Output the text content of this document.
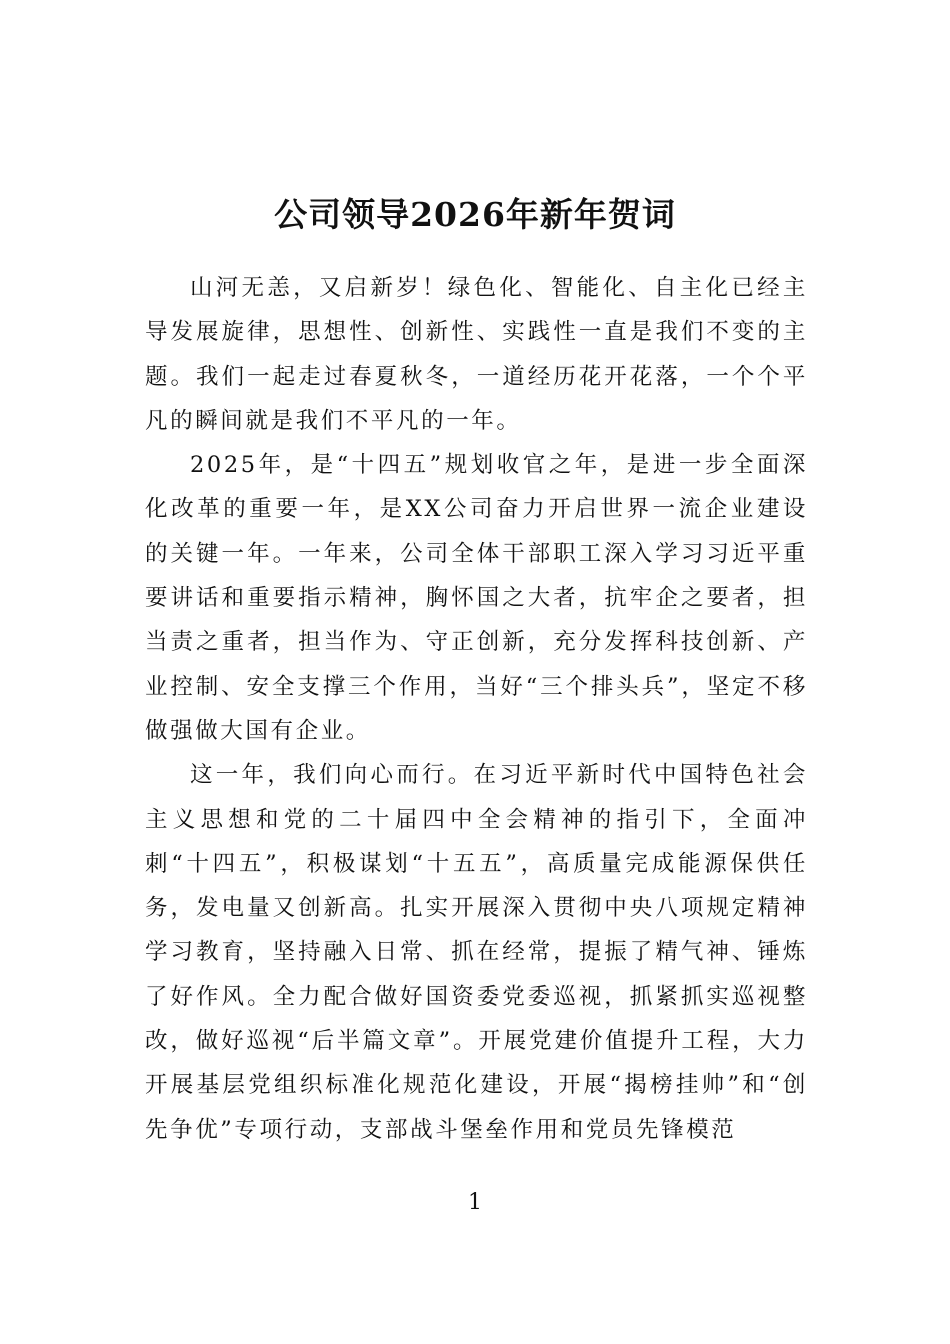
公司领导2026年新年贺词

山河无恙，又启新岁！绿色化、智能化、自主化已经主导发展旋律，思想性、创新性、实践性一直是我们不变的主题。我们一起走过春夏秋冬，一道经历花开花落，一个个平凡的瞬间就是我们不平凡的一年。

2025年，是“十四五”规划收官之年，是进一步全面深化改革的重要一年，是XX公司奋力开启世界一流企业建设的关键一年。一年来，公司全体干部职工深入学习习近平重要讲话和重要指示精神，胸怀国之大者，抗牢企之要者，担当责之重者，担当作为、守正创新，充分发挥科技创新、产业控制、安全支撑三个作用，当好“三个排头兵”，坚定不移做强做大国有企业。

这一年，我们向心而行。在习近平新时代中国特色社会主义思想和党的二十届四中全会精神的指引下，全面冲刺“十四五”，积极谋划“十五五”，高质量完成能源保供任务，发电量又创新高。扎实开展深入贯彻中央八项规定精神学习教育，坚持融入日常、抓在经常，提振了精气神、锤炼了好作风。全力配合做好国资委党委巡视，抓紧抓实巡视整改，做好巡视“后半篇文章”。开展党建价值提升工程，大力开展基层党组织标准化规范化建设，开展“揭榜挂帅”和“创先争优”专项行动，支部战斗堡垒作用和党员先锋模范

1
